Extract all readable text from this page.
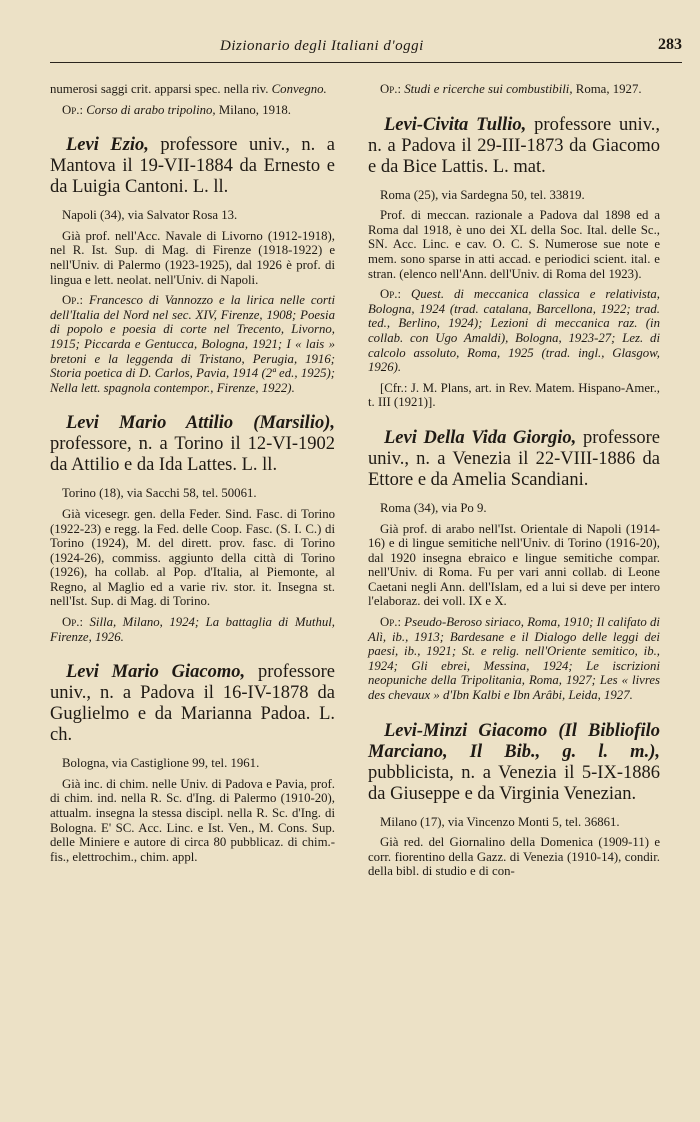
Dizionario degli Italiani d'oggi	283

numerosi saggi crit. apparsi spec. nella riv. Convegno.

Op.: Corso di arabo tripolino, Milano, 1918.

Levi Ezio, professore univ., n. a Mantova il 19-VII-1884 da Ernesto e da Luigia Cantoni. L. ll.

Napoli (34), via Salvator Rosa 13.

Già prof. nell'Acc. Navale di Livorno (1912-1918), nel R. Ist. Sup. di Mag. di Firenze (1918-1922) e nell'Univ. di Palermo (1923-1925), dal 1926 è prof. di lingua e lett. neolat. nell'Univ. di Napoli.

Op.: Francesco di Vannozzo e la lirica nelle corti dell'Italia del Nord nel sec. XIV, Firenze, 1908; Poesia di popolo e poesia di corte nel Trecento, Livorno, 1915; Piccarda e Gentucca, Bologna, 1921; I « lais » bretoni e la leggenda di Tristano, Perugia, 1916; Storia poetica di D. Carlos, Pavia, 1914 (2ª ed., 1925); Nella lett. spagnola contempor., Firenze, 1922).

Levi Mario Attilio (Marsilio), professore, n. a Torino il 12-VI-1902 da Attilio e da Ida Lattes. L. ll.

Torino (18), via Sacchi 58, tel. 50061.

Già vicesegr. gen. della Feder. Sind. Fasc. di Torino (1922-23) e regg. la Fed. delle Coop. Fasc. (S. I. C.) di Torino (1924), M. del dirett. prov. fasc. di Torino (1924-26), commiss. aggiunto della città di Torino (1926), ha collab. al Pop. d'Italia, al Piemonte, al Regno, al Maglio ed a varie riv. stor. it. Insegna st. nell'Ist. Sup. di Mag. di Torino.

Op.: Silla, Milano, 1924; La battaglia di Muthul, Firenze, 1926.

Levi Mario Giacomo, professore univ., n. a Padova il 16-IV-1878 da Guglielmo e da Marianna Padoa. L. ch.

Bologna, via Castiglione 99, tel. 1961.

Già inc. di chim. nelle Univ. di Padova e Pavia, prof. di chim. ind. nella R. Sc. d'Ing. di Palermo (1910-20), attualm. insegna la stessa discipl. nella R. Sc. d'Ing. di Bologna. E' SC. Acc. Linc. e Ist. Ven., M. Cons. Sup. delle Miniere e autore di circa 80 pubblicaz. di chim.-fis., elettrochim., chim. appl.

Op.: Studi e ricerche sui combustibili, Roma, 1927.

Levi-Civita Tullio, professore univ., n. a Padova il 29-III-1873 da Giacomo e da Bice Lattis. L. mat.

Roma (25), via Sardegna 50, tel. 33819.

Prof. di meccan. razionale a Padova dal 1898 ed a Roma dal 1918, è uno dei XL della Soc. Ital. delle Sc., SN. Acc. Linc. e cav. O. C. S. Numerose sue note e mem. sono sparse in atti accad. e periodici scient. ital. e stran. (elenco nell'Ann. dell'Univ. di Roma del 1923).

Op.: Quest. di meccanica classica e relativista, Bologna, 1924 (trad. catalana, Barcellona, 1922; trad. ted., Berlino, 1924); Lezioni di meccanica raz. (in collab. con Ugo Amaldi), Bologna, 1923-27; Lez. di calcolo assoluto, Roma, 1925 (trad. ingl., Glasgow, 1926).

[Cfr.: J. M. Plans, art. in Rev. Matem. Hispano-Amer., t. III (1921)].

Levi Della Vida Giorgio, professore univ., n. a Venezia il 22-VIII-1886 da Ettore e da Amelia Scandiani.

Roma (34), via Po 9.

Già prof. di arabo nell'Ist. Orientale di Napoli (1914-16) e di lingue semitiche nell'Univ. di Torino (1916-20), dal 1920 insegna ebraico e lingue semitiche compar. nell'Univ. di Roma. Fu per vari anni collab. di Leone Caetani negli Ann. dell'Islam, ed a lui si deve per intero l'elaboraz. dei voll. IX e X.

Op.: Pseudo-Beroso siriaco, Roma, 1910; Il califato di Alì, ib., 1913; Bardesane e il Dialogo delle leggi dei paesi, ib., 1921; St. e relig. nell'Oriente semitico, ib., 1924; Gli ebrei, Messina, 1924; Le iscrizioni neopuniche della Tripolitania, Roma, 1927; Les « livres des chevaux » d'Ibn Kalbi e Ibn Arâbi, Leida, 1927.

Levi-Minzi Giacomo (Il Bibliofilo Marciano, Il Bib., g. l. m.), pubblicista, n. a Venezia il 5-IX-1886 da Giuseppe e da Virginia Venezian.

Milano (17), via Vincenzo Monti 5, tel. 36861.

Già red. del Giornalino della Domenica (1909-11) e corr. fiorentino della Gazz. di Venezia (1910-14), condir. della bibl. di studio e di con-
